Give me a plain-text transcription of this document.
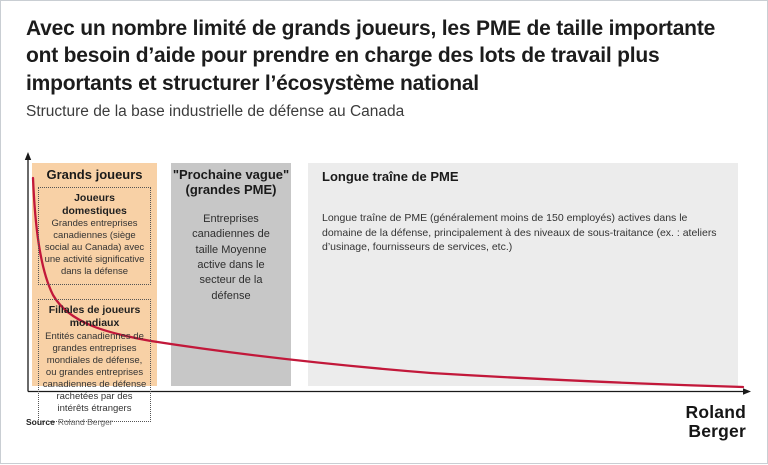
Avec un nombre limité de grands joueurs, les PME de taille importante ont besoin d’aide pour prendre en charge des lots de travail plus importants et structurer l’écosystème national
Structure de la base industrielle de défense au Canada
Grands joueurs
Joueurs domestiques
Grandes entreprises canadiennes (siège social au Canada) avec une activité significative dans la défense
Filiales de joueurs mondiaux
Entités canadiennes de grandes entreprises mondiales de défense, ou grandes entreprises canadiennes de défense rachetées par des intérêts étrangers
"Prochaine vague" (grandes PME)
Entreprises canadiennes de taille Moyenne active dans le secteur de la défense
Longue traîne de PME
Longue traîne de PME (généralement moins de 150 employés) actives dans le domaine de la défense, principalement à des niveaux de sous-traitance (ex. : ateliers d’usinage, fournisseurs de services, etc.)
Source Roland Berger	Roland
Berger
